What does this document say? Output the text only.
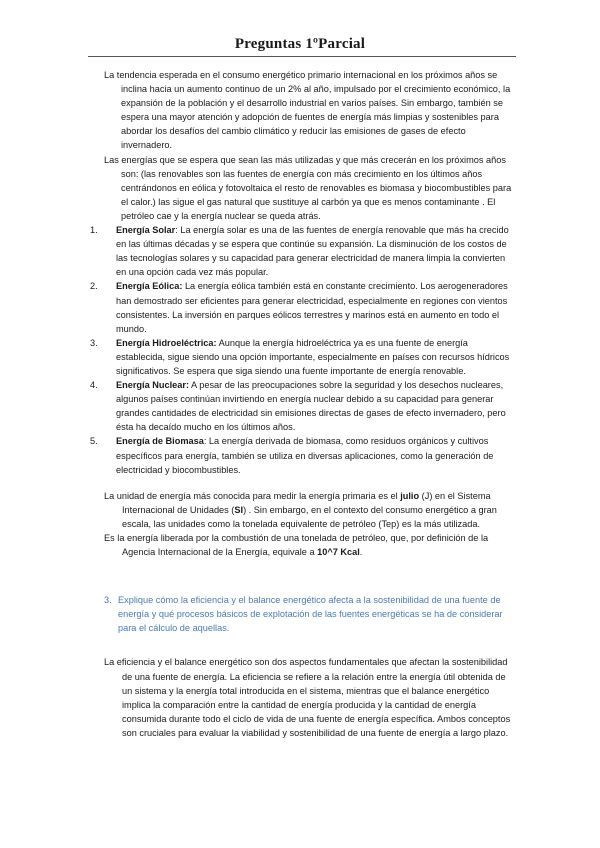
Preguntas 1ºParcial

La tendencia esperada en el consumo energético primario internacional en los próximos años se inclina hacia un aumento continuo de un 2% al año, impulsado por el crecimiento económico, la expansión de la población y el desarrollo industrial en varios países. Sin embargo, también se espera una mayor atención y adopción de fuentes de energía más limpias y sostenibles para abordar los desafíos del cambio climático y reducir las emisiones de gases de efecto invernadero.

Las energías que se espera que sean las más utilizadas y que más crecerán en los próximos años son: (las renovables son las fuentes de energía con más crecimiento en los últimos años centrándonos en eólica y fotovoltaica el resto de renovables es biomasa y biocombustibles para el calor.) las sigue el gas natural que sustituye al carbón ya que es menos contaminante . El petróleo cae y la energía nuclear se queda atrás.

1. Energía Solar: La energía solar es una de las fuentes de energía renovable que más ha crecido en las últimas décadas y se espera que continúe su expansión. La disminución de los costos de las tecnologías solares y su capacidad para generar electricidad de manera limpia la convierten en una opción cada vez más popular.
2. Energía Eólica: La energía eólica también está en constante crecimiento. Los aerogeneradores han demostrado ser eficientes para generar electricidad, especialmente en regiones con vientos consistentes. La inversión en parques eólicos terrestres y marinos está en aumento en todo el mundo.
3. Energía Hidroeléctrica: Aunque la energía hidroeléctrica ya es una fuente de energía establecida, sigue siendo una opción importante, especialmente en países con recursos hídricos significativos. Se espera que siga siendo una fuente importante de energía renovable.
4. Energía Nuclear: A pesar de las preocupaciones sobre la seguridad y los desechos nucleares, algunos países continúan invirtiendo en energía nuclear debido a su capacidad para generar grandes cantidades de electricidad sin emisiones directas de gases de efecto invernadero, pero ésta ha decaído mucho en los últimos años.
5. Energía de Biomasa: La energía derivada de biomasa, como residuos orgánicos y cultivos específicos para energía, también se utiliza en diversas aplicaciones, como la generación de electricidad y biocombustibles.

La unidad de energía más conocida para medir la energía primaria es el julio (J) en el Sistema Internacional de Unidades (SI) . Sin embargo, en el contexto del consumo energético a gran escala, las unidades como la tonelada equivalente de petróleo (Tep) es la más utilizada.

Es la energía liberada por la combustión de una tonelada de petróleo, que, por definición de la Agencia Internacional de la Energía, equivale a 10^7 Kcal.

3. Explique cómo la eficiencia y el balance energético afecta a la sostenibilidad de una fuente de energía y qué procesos básicos de explotación de las fuentes energéticas se ha de considerar para el cálculo de aquellas.

La eficiencia y el balance energético son dos aspectos fundamentales que afectan la sostenibilidad de una fuente de energía. La eficiencia se refiere a la relación entre la energía útil obtenida de un sistema y la energía total introducida en el sistema, mientras que el balance energético implica la comparación entre la cantidad de energía producida y la cantidad de energía consumida durante todo el ciclo de vida de una fuente de energía específica. Ambos conceptos son cruciales para evaluar la viabilidad y sostenibilidad de una fuente de energía a largo plazo.
